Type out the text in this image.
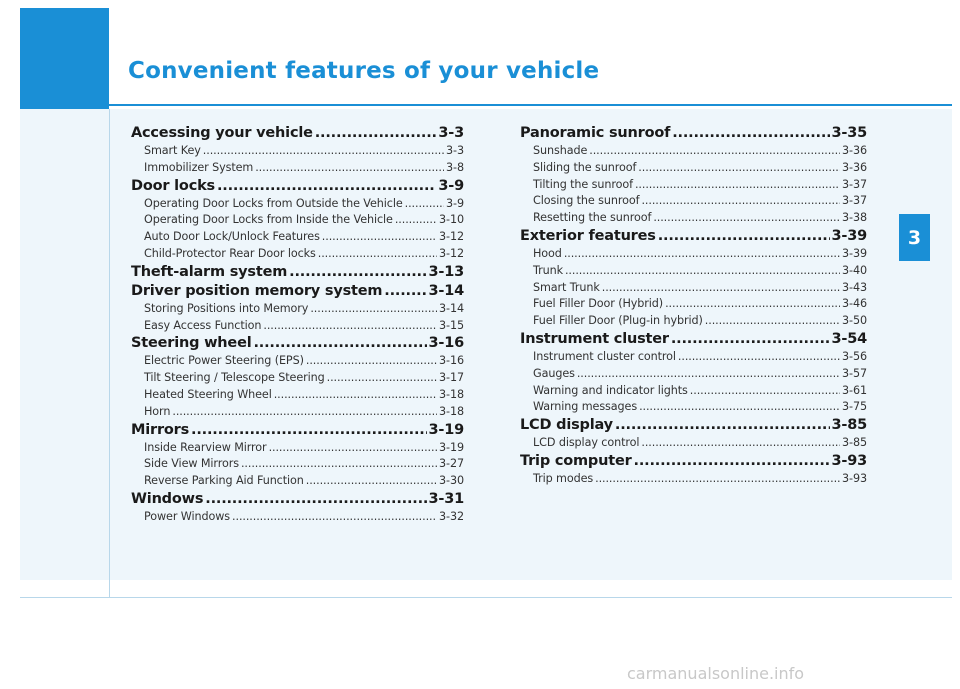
Convenient features of your vehicle
3
Accessing your vehicle .....	3-3
Smart Key .....	3-3
Immobilizer System .....	3-8
Door locks .....	3-9
Operating Door Locks from Outside the Vehicle .....	3-9
Operating Door Locks from Inside the Vehicle .....	3-10
Auto Door Lock/Unlock Features .....	3-12
Child-Protector Rear Door locks .....	3-12
Theft-alarm system .....	3-13
Driver position memory system .....	3-14
Storing Positions into Memory .....	3-14
Easy Access Function .....	3-15
Steering wheel .....	3-16
Electric Power Steering (EPS) .....	3-16
Tilt Steering / Telescope Steering .....	3-17
Heated Steering Wheel .....	3-18
Horn .....	3-18
Mirrors .....	3-19
Inside Rearview Mirror .....	3-19
Side View Mirrors .....	3-27
Reverse Parking Aid Function .....	3-30
Windows .....	3-31
Power Windows .....	3-32
Panoramic sunroof .....	3-35
Sunshade .....	3-36
Sliding the sunroof .....	3-36
Tilting the sunroof .....	3-37
Closing the sunroof .....	3-37
Resetting the sunroof .....	3-38
Exterior features .....	3-39
Hood .....	3-39
Trunk .....	3-40
Smart Trunk .....	3-43
Fuel Filler Door (Hybrid) .....	3-46
Fuel Filler Door (Plug-in hybrid) .....	3-50
Instrument cluster .....	3-54
Instrument cluster control .....	3-56
Gauges .....	3-57
Warning and indicator lights .....	3-61
Warning messages .....	3-75
LCD display .....	3-85
LCD display control .....	3-85
Trip computer .....	3-93
Trip modes .....	3-93
carmanualsonline.info
